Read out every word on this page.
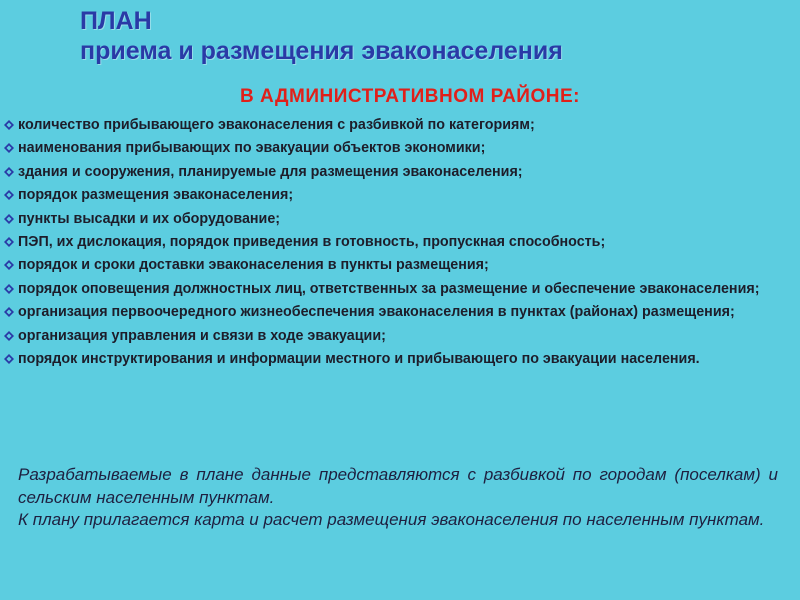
ПЛАН
приема и размещения эваконаселения
В АДМИНИСТРАТИВНОМ РАЙОНЕ:
количество прибывающего эваконаселения с разбивкой по категориям;
наименования прибывающих по эвакуации объектов экономики;
здания и сооружения, планируемые для размещения эваконаселения;
порядок размещения эваконаселения;
пункты высадки и их оборудование;
ПЭП, их дислокация, порядок приведения в готовность, пропускная способность;
порядок и сроки доставки эваконаселения в пункты размещения;
порядок оповещения должностных лиц, ответственных за размещение и обеспечение эваконаселения;
организация первоочередного жизнеобеспечения эваконаселения в пунктах (районах) размещения;
организация управления и связи в ходе эвакуации;
порядок инструктирования и информации местного и прибывающего по эвакуации населения.

Разрабатываемые в плане данные представляются с разбивкой по городам (поселкам) и сельским населенным пунктам.

К плану прилагается карта и расчет размещения эваконаселения по населенным пунктам.
